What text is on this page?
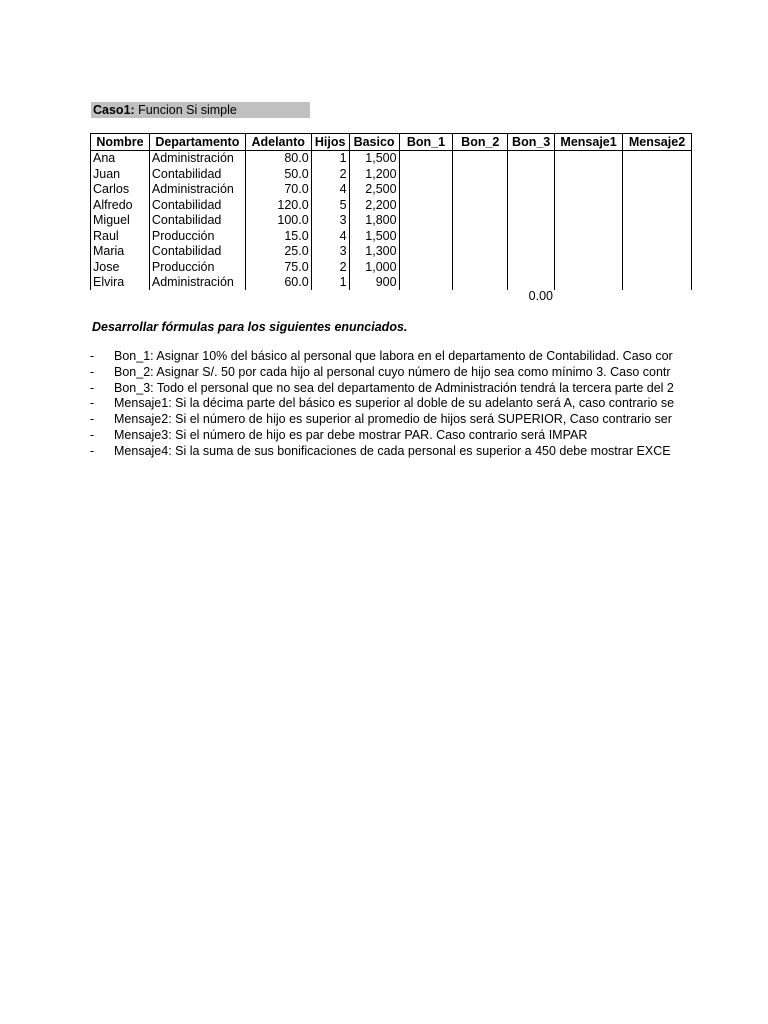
Caso1: Funcion Si simple
Nombre	Departamento	Adelanto	Hijos	Basico	Bon_1	Bon_2	Bon_3	Mensaje1	Mensaje2
Ana	Administración	80.0	1	1,500					
Juan	Contabilidad	50.0	2	1,200					
Carlos	Administración	70.0	4	2,500					
Alfredo	Contabilidad	120.0	5	2,200					
Miguel	Contabilidad	100.0	3	1,800					
Raul	Producción	15.0	4	1,500					
Maria	Contabilidad	25.0	3	1,300					
Jose	Producción	75.0	2	1,000					
Elvira	Administración	60.0	1	900					
0.00
Desarrollar fórmulas para los siguientes enunciados.
-	Bon_1: Asignar 10% del básico al personal que labora en el departamento de Contabilidad. Caso cor
-	Bon_2: Asignar S/. 50 por cada hijo al personal cuyo número de hijo sea como mínimo 3. Caso contr
-	Bon_3: Todo el personal que no sea del departamento de Administración tendrá la tercera parte del 2
-	Mensaje1: Si la décima parte del básico es superior al doble de su adelanto será A, caso contrario se
-	Mensaje2: Si el número de hijo es superior al promedio de hijos será SUPERIOR, Caso contrario ser
-	Mensaje3: Si el número de hijo es par debe mostrar PAR. Caso contrario será IMPAR
-	Mensaje4: Si la suma de sus bonificaciones de cada personal es superior a 450 debe mostrar EXCE
